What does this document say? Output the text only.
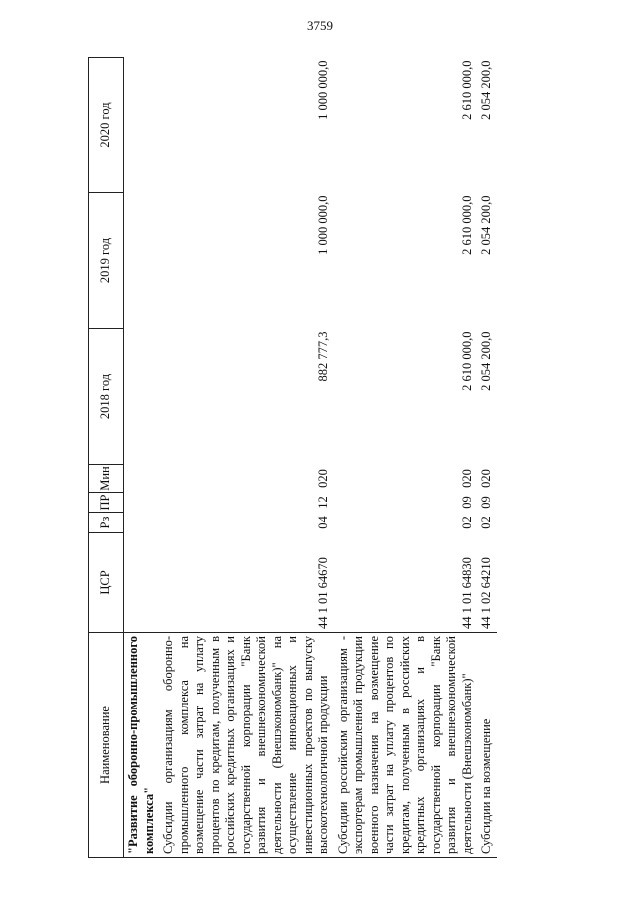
3759
Наименование	ЦСР	Рз	ПР	Мин	2018 год	2019 год	2020 год
"Развитие оборонно-промышленного комплекса"							
Субсидии организациям оборонно-промышленного комплекса на возмещение части затрат на уплату процентов по кредитам, полученным в российских кредитных организациях и государственной корпорации "Банк развития и внешнеэкономической деятельности (Внешэкономбанк)" на осуществление инновационных и инвестиционных проектов по выпуску высокотехнологичной продукции	44 1 01 64670	04	12	020	882 777,3	1 000 000,0	1 000 000,0
Субсидии российским организациям - экспортерам промышленной продукции военного назначения на возмещение части затрат на уплату процентов по кредитам, полученным в российских кредитных организациях и в государственной корпорации "Банк развития и внешнеэкономической деятельности (Внешэкономбанк)"	44 1 01 64830	02	09	020	2 610 000,0	2 610 000,0	2 610 000,0
Субсидии на возмещение	44 1 02 64210	02	09	020	2 054 200,0	2 054 200,0	2 054 200,0
